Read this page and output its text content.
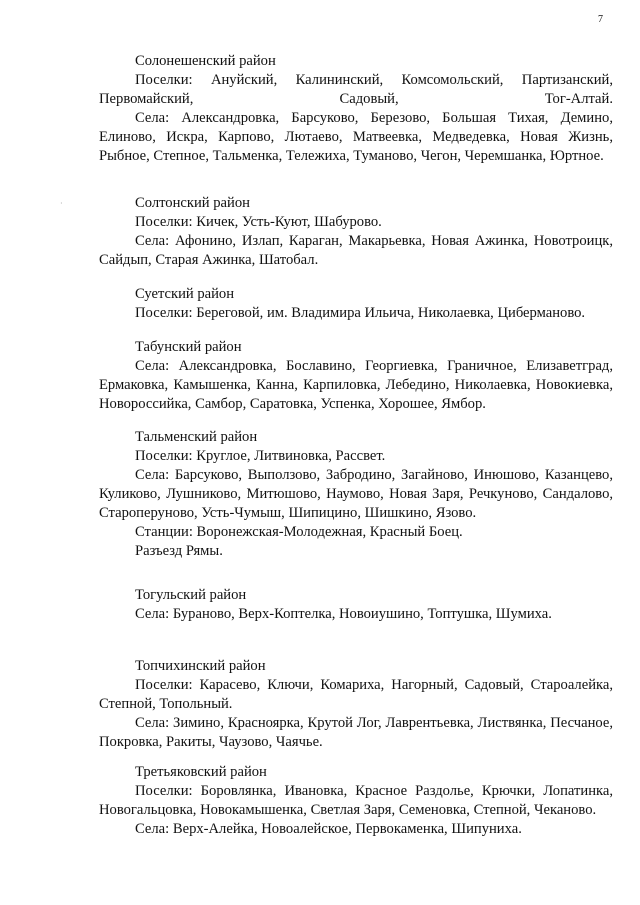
7
·
Солонешенский район
Поселки: Ануйский, Калининский, Комсомольский, Партизанский, Первомайский, Садовый, Тог-Алтай.
Села: Александровка, Барсуково, Березово, Большая Тихая, Демино, Елиново, Искра, Карпово, Лютаево, Матвеевка, Медведевка, Новая Жизнь, Рыбное, Степное, Тальменка, Тележиха, Туманово, Чегон, Черемшанка, Юртное.
Солтонский район
Поселки: Кичек, Усть-Куют, Шабурово.
Села: Афонино, Излап, Караган, Макарьевка, Новая Ажинка, Новотроицк, Сайдып, Старая Ажинка, Шатобал.
Суетский район
Поселки: Береговой, им. Владимира Ильича, Николаевка, Циберманово.
Табунский район
Села: Александровка, Бославино, Георгиевка, Граничное, Елизаветград, Ермаковка, Камышенка, Канна, Карпиловка, Лебедино, Николаевка, Новокиевка, Новороссийка, Самбор, Саратовка, Успенка, Хорошее, Ямбор.
Тальменский район
Поселки: Круглое, Литвиновка, Рассвет.
Села: Барсуково, Выползово, Забродино, Загайново, Инюшово, Казанцево, Куликово, Лушниково, Митюшово, Наумово, Новая Заря, Речкуново, Сандалово, Староперуново, Усть-Чумыш, Шипицино, Шишкино, Язово.
Станции: Воронежская-Молодежная, Красный Боец.
Разъезд Рямы.
Тогульский район
Села: Бураново, Верх-Коптелка, Новоиушино, Топтушка, Шумиха.
Топчихинский район
Поселки: Карасево, Ключи, Комариха, Нагорный, Садовый, Староалейка, Степной, Топольный.
Села: Зимино, Красноярка, Крутой Лог, Лаврентьевка, Листвянка, Песчаное, Покровка, Ракиты, Чаузово, Чаячье.
Третьяковский район
Поселки: Боровлянка, Ивановка, Красное Раздолье, Крючки, Лопатинка, Новогальцовка, Новокамышенка, Светлая Заря, Семеновка, Степной, Чеканово.
Села: Верх-Алейка, Новоалейское, Первокаменка, Шипуниха.
